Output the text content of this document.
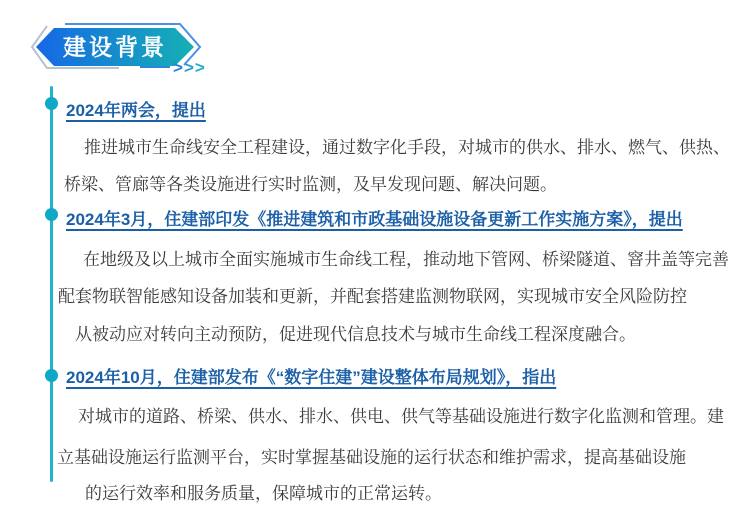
建设背景
> > >
2024年两会，提出
推进城市生命线安全工程建设，通过数字化手段，对城市的供水、排水、燃气、供热、
桥梁、管廊等各类设施进行实时监测，及早发现问题、解决问题。
2024年3月，住建部印发《推进建筑和市政基础设施设备更新工作实施方案》，提出
在地级及以上城市全面实施城市生命线工程，推动地下管网、桥梁隧道、窨井盖等完善
配套物联智能感知设备加装和更新，并配套搭建监测物联网，实现城市安全风险防控
从被动应对转向主动预防，促进现代信息技术与城市生命线工程深度融合。
2024年10月，住建部发布《“数字住建”建设整体布局规划》，指出
对城市的道路、桥梁、供水、排水、供电、供气等基础设施进行数字化监测和管理。建
立基础设施运行监测平台，实时掌握基础设施的运行状态和维护需求，提高基础设施
的运行效率和服务质量，保障城市的正常运转。
